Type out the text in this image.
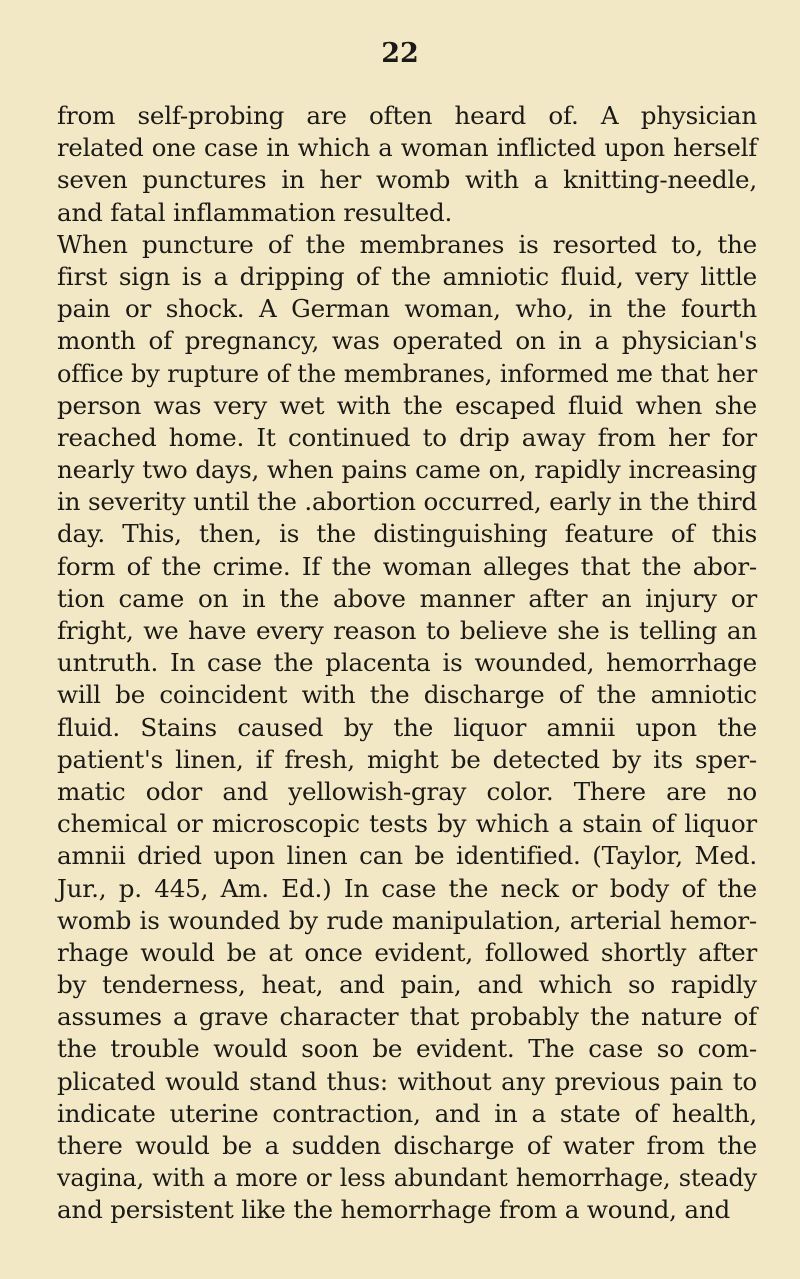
22
from self-probing are often heard of. A physician
related one case in which a woman inflicted upon herself
seven punctures in her womb with a knitting-needle,
and fatal inflammation resulted.
When puncture of the membranes is resorted to, the
first sign is a dripping of the amniotic fluid, very little
pain or shock. A German woman, who, in the fourth
month of pregnancy, was operated on in a physician's
office by rupture of the membranes, informed me that her
person was very wet with the escaped fluid when she
reached home. It continued to drip away from her for
nearly two days, when pains came on, rapidly increasing
in severity until the .abortion occurred, early in the third
day. This, then, is the distinguishing feature of this
form of the crime. If the woman alleges that the abor-
tion came on in the above manner after an injury or
fright, we have every reason to believe she is telling an
untruth. In case the placenta is wounded, hemorrhage
will be coincident with the discharge of the amniotic
fluid. Stains caused by the liquor amnii upon the
patient's linen, if fresh, might be detected by its sper-
matic odor and yellowish-gray color. There are no
chemical or microscopic tests by which a stain of liquor
amnii dried upon linen can be identified. (Taylor, Med.
Jur., p. 445, Am. Ed.) In case the neck or body of the
womb is wounded by rude manipulation, arterial hemor-
rhage would be at once evident, followed shortly after
by tenderness, heat, and pain, and which so rapidly
assumes a grave character that probably the nature of
the trouble would soon be evident. The case so com-
plicated would stand thus: without any previous pain to
indicate uterine contraction, and in a state of health,
there would be a sudden discharge of water from the
vagina, with a more or less abundant hemorrhage, steady
and persistent like the hemorrhage from a wound, and
